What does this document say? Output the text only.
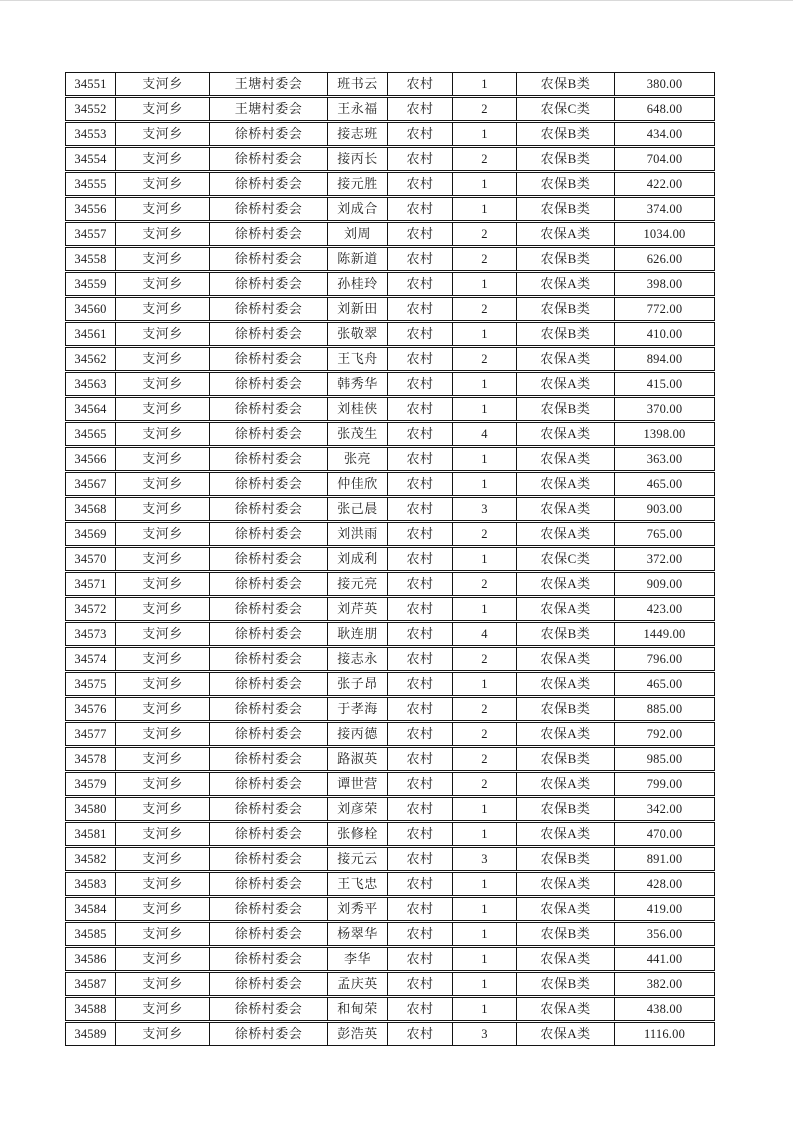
34551	支河乡	王塘村委会	班书云	农村	1	农保B类	380.00
34552	支河乡	王塘村委会	王永福	农村	2	农保C类	648.00
34553	支河乡	徐桥村委会	接志班	农村	1	农保B类	434.00
34554	支河乡	徐桥村委会	接丙长	农村	2	农保B类	704.00
34555	支河乡	徐桥村委会	接元胜	农村	1	农保B类	422.00
34556	支河乡	徐桥村委会	刘成合	农村	1	农保B类	374.00
34557	支河乡	徐桥村委会	刘周	农村	2	农保A类	1034.00
34558	支河乡	徐桥村委会	陈新道	农村	2	农保B类	626.00
34559	支河乡	徐桥村委会	孙桂玲	农村	1	农保A类	398.00
34560	支河乡	徐桥村委会	刘新田	农村	2	农保B类	772.00
34561	支河乡	徐桥村委会	张敬翠	农村	1	农保B类	410.00
34562	支河乡	徐桥村委会	王飞舟	农村	2	农保A类	894.00
34563	支河乡	徐桥村委会	韩秀华	农村	1	农保A类	415.00
34564	支河乡	徐桥村委会	刘桂侠	农村	1	农保B类	370.00
34565	支河乡	徐桥村委会	张茂生	农村	4	农保A类	1398.00
34566	支河乡	徐桥村委会	张亮	农村	1	农保A类	363.00
34567	支河乡	徐桥村委会	仲佳欣	农村	1	农保A类	465.00
34568	支河乡	徐桥村委会	张己晨	农村	3	农保A类	903.00
34569	支河乡	徐桥村委会	刘洪雨	农村	2	农保A类	765.00
34570	支河乡	徐桥村委会	刘成利	农村	1	农保C类	372.00
34571	支河乡	徐桥村委会	接元亮	农村	2	农保A类	909.00
34572	支河乡	徐桥村委会	刘芹英	农村	1	农保A类	423.00
34573	支河乡	徐桥村委会	耿连朋	农村	4	农保B类	1449.00
34574	支河乡	徐桥村委会	接志永	农村	2	农保A类	796.00
34575	支河乡	徐桥村委会	张子昂	农村	1	农保A类	465.00
34576	支河乡	徐桥村委会	于孝海	农村	2	农保B类	885.00
34577	支河乡	徐桥村委会	接丙德	农村	2	农保A类	792.00
34578	支河乡	徐桥村委会	路淑英	农村	2	农保B类	985.00
34579	支河乡	徐桥村委会	谭世营	农村	2	农保A类	799.00
34580	支河乡	徐桥村委会	刘彦荣	农村	1	农保B类	342.00
34581	支河乡	徐桥村委会	张修栓	农村	1	农保A类	470.00
34582	支河乡	徐桥村委会	接元云	农村	3	农保B类	891.00
34583	支河乡	徐桥村委会	王飞忠	农村	1	农保A类	428.00
34584	支河乡	徐桥村委会	刘秀平	农村	1	农保A类	419.00
34585	支河乡	徐桥村委会	杨翠华	农村	1	农保B类	356.00
34586	支河乡	徐桥村委会	李华	农村	1	农保A类	441.00
34587	支河乡	徐桥村委会	孟庆英	农村	1	农保B类	382.00
34588	支河乡	徐桥村委会	和甸荣	农村	1	农保A类	438.00
34589	支河乡	徐桥村委会	彭浩英	农村	3	农保A类	1116.00
